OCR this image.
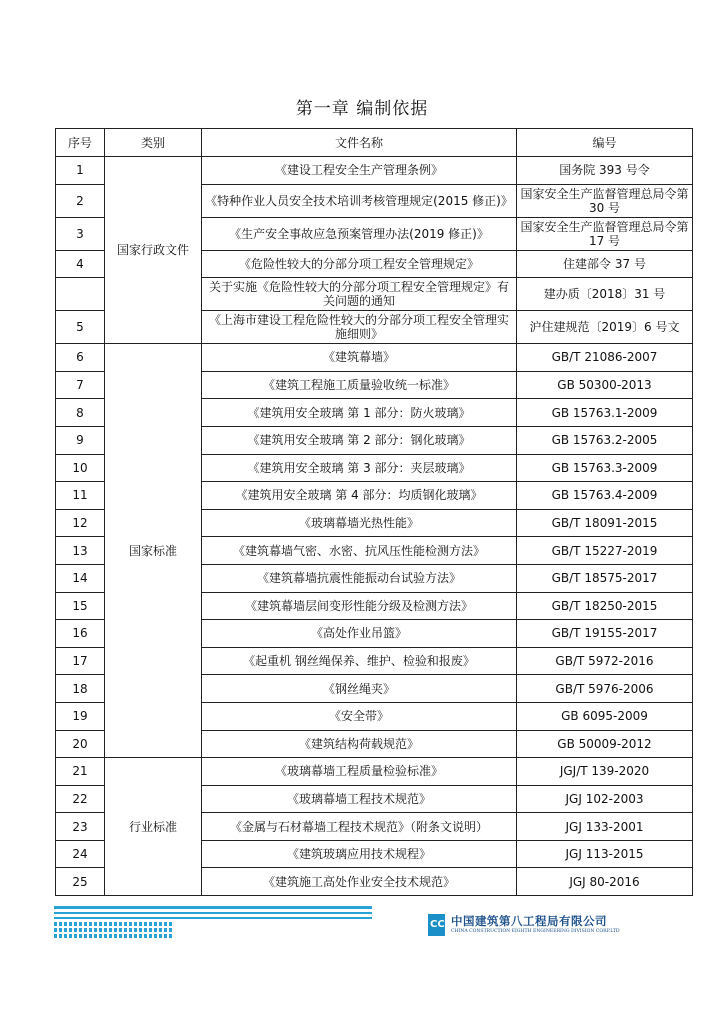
第一章 编制依据
序号	类别	文件名称	编号
1	国家行政文件	《建设工程安全生产管理条例》	国务院 393 号令
2		《特种作业人员安全技术培训考核管理规定(2015 修正)》	国家安全生产监督管理总局令第 30 号
3		《生产安全事故应急预案管理办法(2019 修正)》	国家安全生产监督管理总局令第 17 号
4		《危险性较大的分部分项工程安全管理规定》	住建部令 37 号
		关于实施《危险性较大的分部分项工程安全管理规定》有关问题的通知	建办质〔2018〕31 号
5		《上海市建设工程危险性较大的分部分项工程安全管理实施细则》	沪住建规范〔2019〕6 号文
6	国家标准	《建筑幕墙》	GB/T 21086-2007
7		《建筑工程施工质量验收统一标准》	GB 50300-2013
8		《建筑用安全玻璃 第 1 部分：防火玻璃》	GB 15763.1-2009
9		《建筑用安全玻璃 第 2 部分：钢化玻璃》	GB 15763.2-2005
10		《建筑用安全玻璃 第 3 部分：夹层玻璃》	GB 15763.3-2009
11		《建筑用安全玻璃 第 4 部分：均质钢化玻璃》	GB 15763.4-2009
12		《玻璃幕墙光热性能》	GB/T 18091-2015
13		《建筑幕墙气密、水密、抗风压性能检测方法》	GB/T 15227-2019
14		《建筑幕墙抗震性能振动台试验方法》	GB/T 18575-2017
15		《建筑幕墙层间变形性能分级及检测方法》	GB/T 18250-2015
16		《高处作业吊篮》	GB/T 19155-2017
17		《起重机 钢丝绳保养、维护、检验和报废》	GB/T 5972-2016
18		《钢丝绳夹》	GB/T 5976-2006
19		《安全带》	GB 6095-2009
20		《建筑结构荷载规范》	GB 50009-2012
21	行业标准	《玻璃幕墙工程质量检验标准》	JGJ/T 139-2020
22		《玻璃幕墙工程技术规范》	JGJ 102-2003
23		《金属与石材幕墙工程技术规范》（附条文说明）	JGJ 133-2001
24		《建筑玻璃应用技术规程》	JGJ 113-2015
25		《建筑施工高处作业安全技术规范》	JGJ 80-2016
CC 中国建筑第八工程局有限公司
CHINA CONSTRUCTION EIGHTH ENGINEERING DIVISION CORP.LTD
